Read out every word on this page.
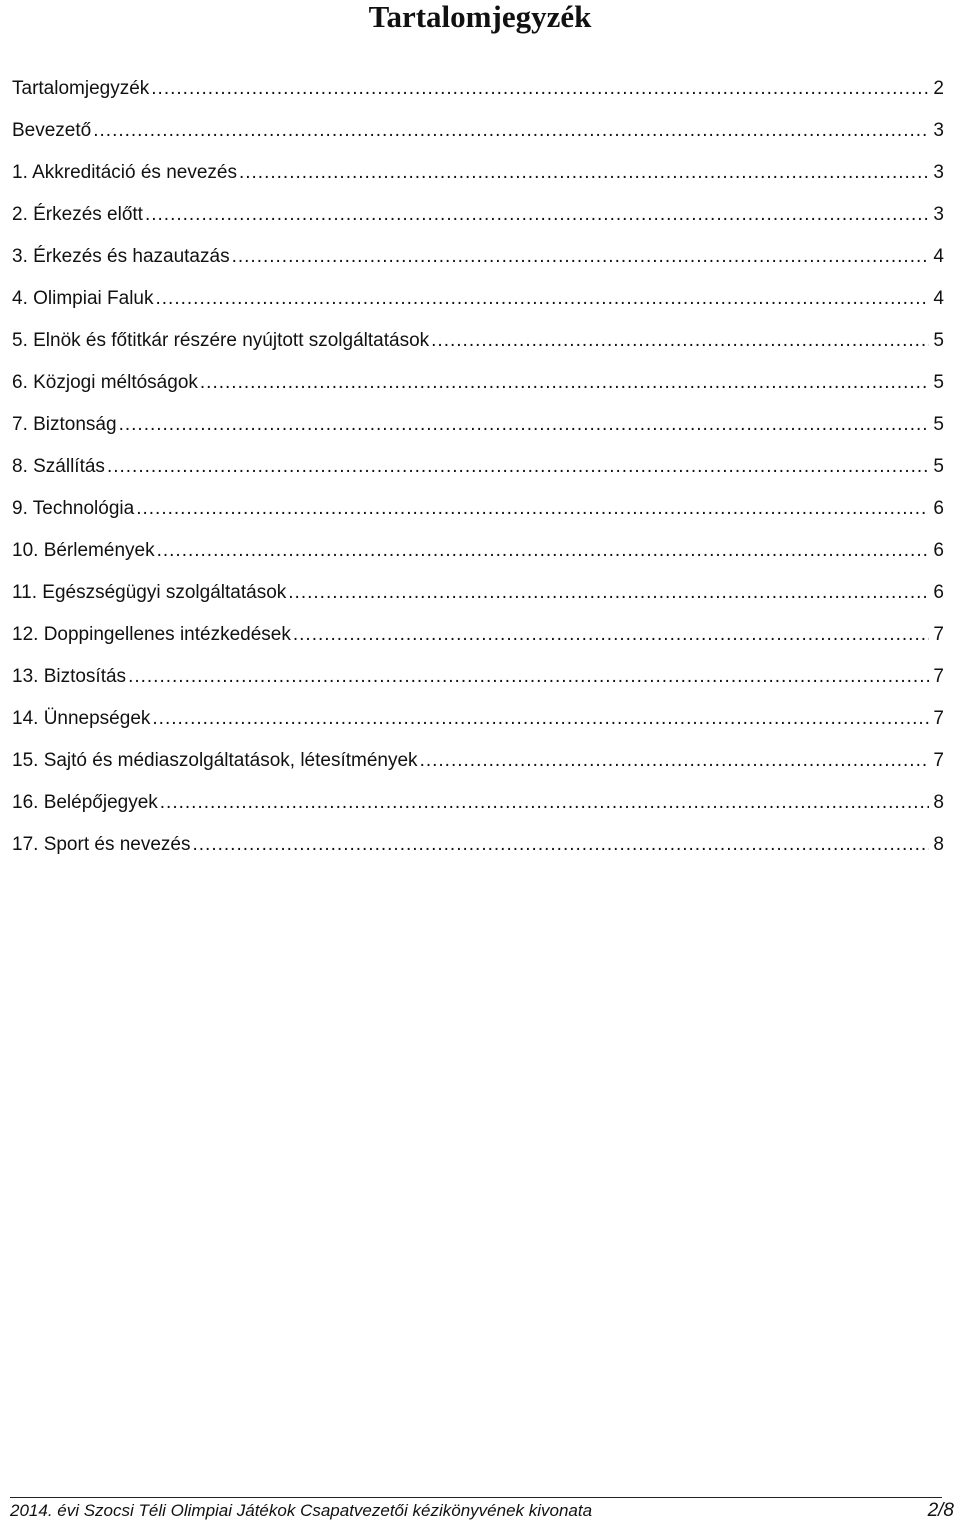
Tartalomjegyzék
Tartalomjegyzék .....	2
Bevezető .....	3
1. Akkreditáció és nevezés .....	3
2. Érkezés előtt .....	3
3. Érkezés és hazautazás .....	4
4. Olimpiai Faluk .....	4
5. Elnök és főtitkár részére nyújtott szolgáltatások .....	5
6. Közjogi méltóságok .....	5
7. Biztonság .....	5
8. Szállítás .....	5
9. Technológia .....	6
10. Bérlemények .....	6
11. Egészségügyi szolgáltatások .....	6
12. Doppingellenes intézkedések .....	7
13. Biztosítás .....	7
14. Ünnepségek .....	7
15. Sajtó és médiaszolgáltatások, létesítmények .....	7
16. Belépőjegyek .....	8
17. Sport és nevezés .....	8
2014. évi Szocsi Téli Olimpiai Játékok Csapatvezetői kézikönyvének kivonata	2/8
